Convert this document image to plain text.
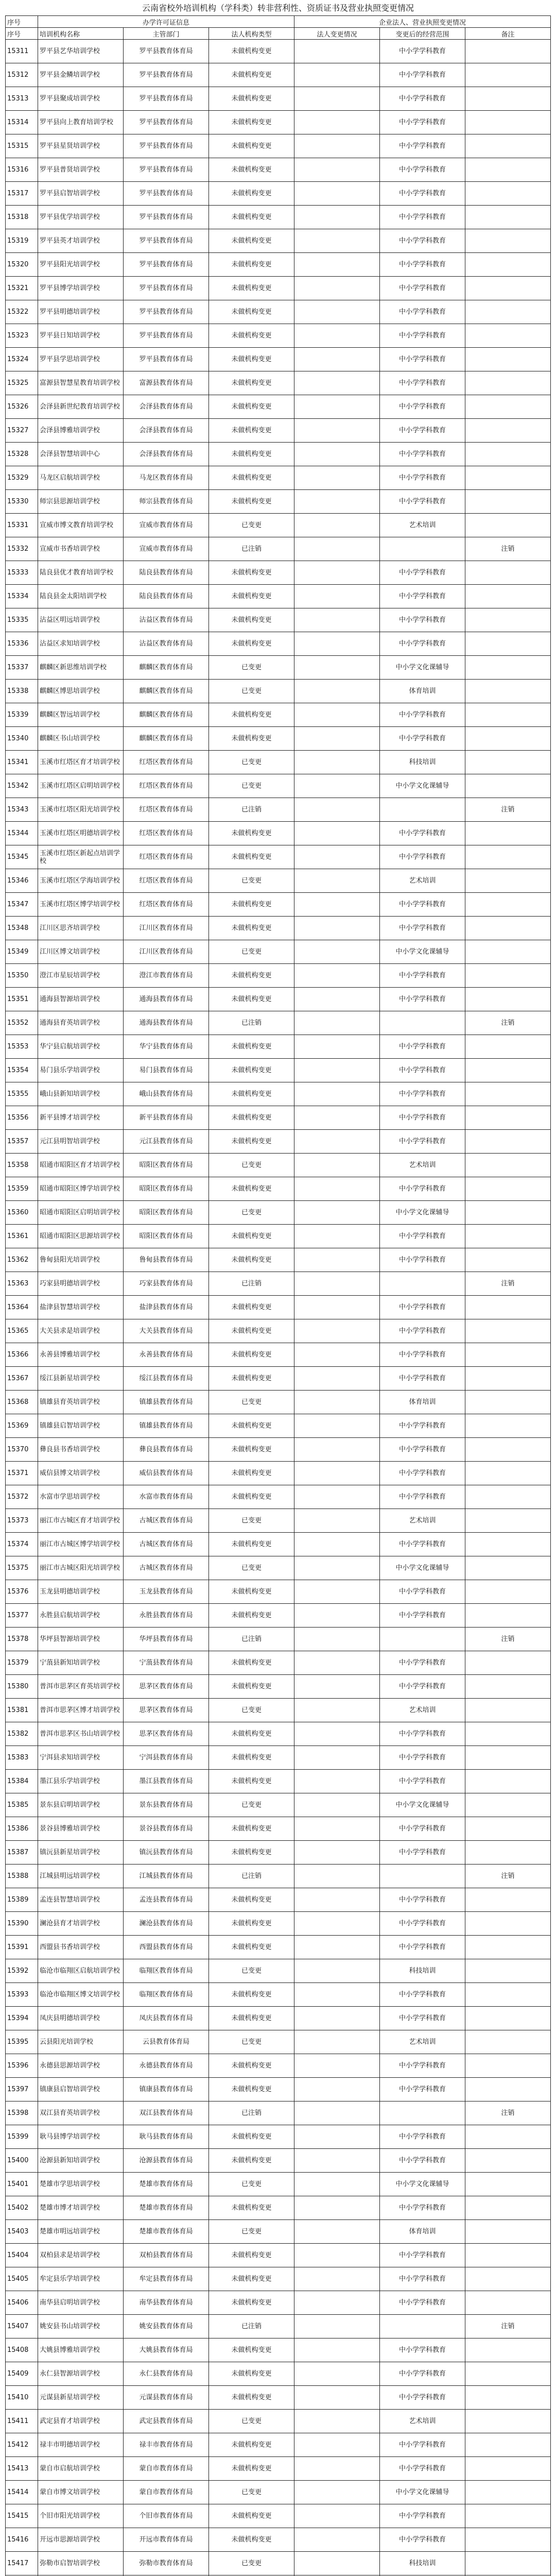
云南省校外培训机构（学科类）转非营利性、资质证书及营业执照变更情况
序号	办学许可证信息			企业法人、营业执照变更情况		
序号	培训机构名称	主管部门	法人机构类型	法人变更情况	变更后的经营范围	备注
15311	罗平县艺华培训学校	罗平县教育体育局	未做机构变更		中小学学科教育	
15312	罗平县金鳞培训学校	罗平县教育体育局	未做机构变更		中小学学科教育	
15313	罗平县聚成培训学校	罗平县教育体育局	未做机构变更		中小学学科教育	
15314	罗平县向上教育培训学校	罗平县教育体育局	未做机构变更		中小学学科教育	
15315	罗平县星贤培训学校	罗平县教育体育局	未做机构变更		中小学学科教育	
15316	罗平县普贤培训学校	罗平县教育体育局	未做机构变更		中小学学科教育	
15317	罗平县启智培训学校	罗平县教育体育局	未做机构变更		中小学学科教育	
15318	罗平县优学培训学校	罗平县教育体育局	未做机构变更		中小学学科教育	
15319	罗平县英才培训学校	罗平县教育体育局	未做机构变更		中小学学科教育	
15320	罗平县阳光培训学校	罗平县教育体育局	未做机构变更		中小学学科教育	
15321	罗平县博学培训学校	罗平县教育体育局	未做机构变更		中小学学科教育	
15322	罗平县明德培训学校	罗平县教育体育局	未做机构变更		中小学学科教育	
15323	罗平县日知培训学校	罗平县教育体育局	未做机构变更		中小学学科教育	
15324	罗平县学思培训学校	罗平县教育体育局	未做机构变更		中小学学科教育	
15325	富源县智慧星教育培训学校	富源县教育体育局	未做机构变更		中小学学科教育	
15326	会泽县新世纪教育培训学校	会泽县教育体育局	未做机构变更		中小学学科教育	
15327	会泽县博雅培训学校	会泽县教育体育局	未做机构变更		中小学学科教育	
15328	会泽县智慧培训中心	会泽县教育体育局	未做机构变更		中小学学科教育	
15329	马龙区启航培训学校	马龙区教育体育局	未做机构变更		中小学学科教育	
15330	师宗县思源培训学校	师宗县教育体育局	未做机构变更		中小学学科教育	
15331	宣威市博文教育培训学校	宣威市教育体育局	已变更		艺术培训	
15332	宣威市书香培训学校	宣威市教育体育局	已注销			注销
15333	陆良县优才教育培训学校	陆良县教育体育局	未做机构变更		中小学学科教育	
15334	陆良县金太阳培训学校	陆良县教育体育局	未做机构变更		中小学学科教育	
15335	沾益区明远培训学校	沾益区教育体育局	未做机构变更		中小学学科教育	
15336	沾益区求知培训学校	沾益区教育体育局	未做机构变更		中小学学科教育	
15337	麒麟区新思维培训学校	麒麟区教育体育局	已变更		中小学文化课辅导	
15338	麒麟区博思培训学校	麒麟区教育体育局	已变更		体育培训	
15339	麒麟区智远培训学校	麒麟区教育体育局	未做机构变更		中小学学科教育	
15340	麒麟区书山培训学校	麒麟区教育体育局	未做机构变更		中小学学科教育	
15341	玉溪市红塔区育才培训学校	红塔区教育体育局	已变更		科技培训	
15342	玉溪市红塔区启明培训学校	红塔区教育体育局	已变更		中小学文化课辅导	
15343	玉溪市红塔区阳光培训学校	红塔区教育体育局	已注销			注销
15344	玉溪市红塔区明德培训学校	红塔区教育体育局	未做机构变更		中小学学科教育	
15345	玉溪市红塔区新起点培训学校	红塔区教育体育局	未做机构变更		中小学学科教育	
15346	玉溪市红塔区学海培训学校	红塔区教育体育局	已变更		艺术培训	
15347	玉溪市红塔区博学培训学校	红塔区教育体育局	未做机构变更		中小学学科教育	
15348	江川区思齐培训学校	江川区教育体育局	未做机构变更		中小学学科教育	
15349	江川区博文培训学校	江川区教育体育局	已变更		中小学文化课辅导	
15350	澄江市星辰培训学校	澄江市教育体育局	未做机构变更		中小学学科教育	
15351	通海县智源培训学校	通海县教育体育局	未做机构变更		中小学学科教育	
15352	通海县育英培训学校	通海县教育体育局	已注销			注销
15353	华宁县启航培训学校	华宁县教育体育局	未做机构变更		中小学学科教育	
15354	易门县乐学培训学校	易门县教育体育局	未做机构变更		中小学学科教育	
15355	峨山县新知培训学校	峨山县教育体育局	未做机构变更		中小学学科教育	
15356	新平县博才培训学校	新平县教育体育局	未做机构变更		中小学学科教育	
15357	元江县明智培训学校	元江县教育体育局	未做机构变更		中小学学科教育	
15358	昭通市昭阳区育才培训学校	昭阳区教育体育局	已变更		艺术培训	
15359	昭通市昭阳区博学培训学校	昭阳区教育体育局	未做机构变更		中小学学科教育	
15360	昭通市昭阳区启明培训学校	昭阳区教育体育局	已变更		中小学文化课辅导	
15361	昭通市昭阳区思源培训学校	昭阳区教育体育局	未做机构变更		中小学学科教育	
15362	鲁甸县阳光培训学校	鲁甸县教育体育局	未做机构变更		中小学学科教育	
15363	巧家县明德培训学校	巧家县教育体育局	已注销			注销
15364	盐津县智慧培训学校	盐津县教育体育局	未做机构变更		中小学学科教育	
15365	大关县求是培训学校	大关县教育体育局	未做机构变更		中小学学科教育	
15366	永善县博雅培训学校	永善县教育体育局	未做机构变更		中小学学科教育	
15367	绥江县新星培训学校	绥江县教育体育局	未做机构变更		中小学学科教育	
15368	镇雄县育英培训学校	镇雄县教育体育局	已变更		体育培训	
15369	镇雄县启智培训学校	镇雄县教育体育局	未做机构变更		中小学学科教育	
15370	彝良县书香培训学校	彝良县教育体育局	未做机构变更		中小学学科教育	
15371	威信县博文培训学校	威信县教育体育局	未做机构变更		中小学学科教育	
15372	水富市学思培训学校	水富市教育体育局	未做机构变更		中小学学科教育	
15373	丽江市古城区育才培训学校	古城区教育体育局	已变更		艺术培训	
15374	丽江市古城区博学培训学校	古城区教育体育局	未做机构变更		中小学学科教育	
15375	丽江市古城区阳光培训学校	古城区教育体育局	已变更		中小学文化课辅导	
15376	玉龙县明德培训学校	玉龙县教育体育局	未做机构变更		中小学学科教育	
15377	永胜县启航培训学校	永胜县教育体育局	未做机构变更		中小学学科教育	
15378	华坪县智源培训学校	华坪县教育体育局	已注销			注销
15379	宁蒗县新知培训学校	宁蒗县教育体育局	未做机构变更		中小学学科教育	
15380	普洱市思茅区育英培训学校	思茅区教育体育局	未做机构变更		中小学学科教育	
15381	普洱市思茅区博才培训学校	思茅区教育体育局	已变更		艺术培训	
15382	普洱市思茅区书山培训学校	思茅区教育体育局	未做机构变更		中小学学科教育	
15383	宁洱县求知培训学校	宁洱县教育体育局	未做机构变更		中小学学科教育	
15384	墨江县乐学培训学校	墨江县教育体育局	未做机构变更		中小学学科教育	
15385	景东县启明培训学校	景东县教育体育局	已变更		中小学文化课辅导	
15386	景谷县博雅培训学校	景谷县教育体育局	未做机构变更		中小学学科教育	
15387	镇沅县新星培训学校	镇沅县教育体育局	未做机构变更		中小学学科教育	
15388	江城县明远培训学校	江城县教育体育局	已注销			注销
15389	孟连县智慧培训学校	孟连县教育体育局	未做机构变更		中小学学科教育	
15390	澜沧县育才培训学校	澜沧县教育体育局	未做机构变更		中小学学科教育	
15391	西盟县书香培训学校	西盟县教育体育局	未做机构变更		中小学学科教育	
15392	临沧市临翔区启航培训学校	临翔区教育体育局	已变更		科技培训	
15393	临沧市临翔区博文培训学校	临翔区教育体育局	未做机构变更		中小学学科教育	
15394	凤庆县明德培训学校	凤庆县教育体育局	未做机构变更		中小学学科教育	
15395	云县阳光培训学校	云县教育体育局	已变更		艺术培训	
15396	永德县思源培训学校	永德县教育体育局	未做机构变更		中小学学科教育	
15397	镇康县启智培训学校	镇康县教育体育局	未做机构变更		中小学学科教育	
15398	双江县育英培训学校	双江县教育体育局	已注销			注销
15399	耿马县博学培训学校	耿马县教育体育局	未做机构变更		中小学学科教育	
15400	沧源县新知培训学校	沧源县教育体育局	未做机构变更		中小学学科教育	
15401	楚雄市学思培训学校	楚雄市教育体育局	已变更		中小学文化课辅导	
15402	楚雄市博才培训学校	楚雄市教育体育局	未做机构变更		中小学学科教育	
15403	楚雄市明远培训学校	楚雄市教育体育局	已变更		体育培训	
15404	双柏县求是培训学校	双柏县教育体育局	未做机构变更		中小学学科教育	
15405	牟定县乐学培训学校	牟定县教育体育局	未做机构变更		中小学学科教育	
15406	南华县启明培训学校	南华县教育体育局	未做机构变更		中小学学科教育	
15407	姚安县书山培训学校	姚安县教育体育局	已注销			注销
15408	大姚县博雅培训学校	大姚县教育体育局	未做机构变更		中小学学科教育	
15409	永仁县智源培训学校	永仁县教育体育局	未做机构变更		中小学学科教育	
15410	元谋县新星培训学校	元谋县教育体育局	未做机构变更		中小学学科教育	
15411	武定县育才培训学校	武定县教育体育局	已变更		艺术培训	
15412	禄丰市明德培训学校	禄丰市教育体育局	未做机构变更		中小学学科教育	
15413	蒙自市启航培训学校	蒙自市教育体育局	未做机构变更		中小学学科教育	
15414	蒙自市博文培训学校	蒙自市教育体育局	已变更		中小学文化课辅导	
15415	个旧市阳光培训学校	个旧市教育体育局	未做机构变更		中小学学科教育	
15416	开远市思源培训学校	开远市教育体育局	未做机构变更		中小学学科教育	
15417	弥勒市启智培训学校	弥勒市教育体育局	已变更		科技培训	
